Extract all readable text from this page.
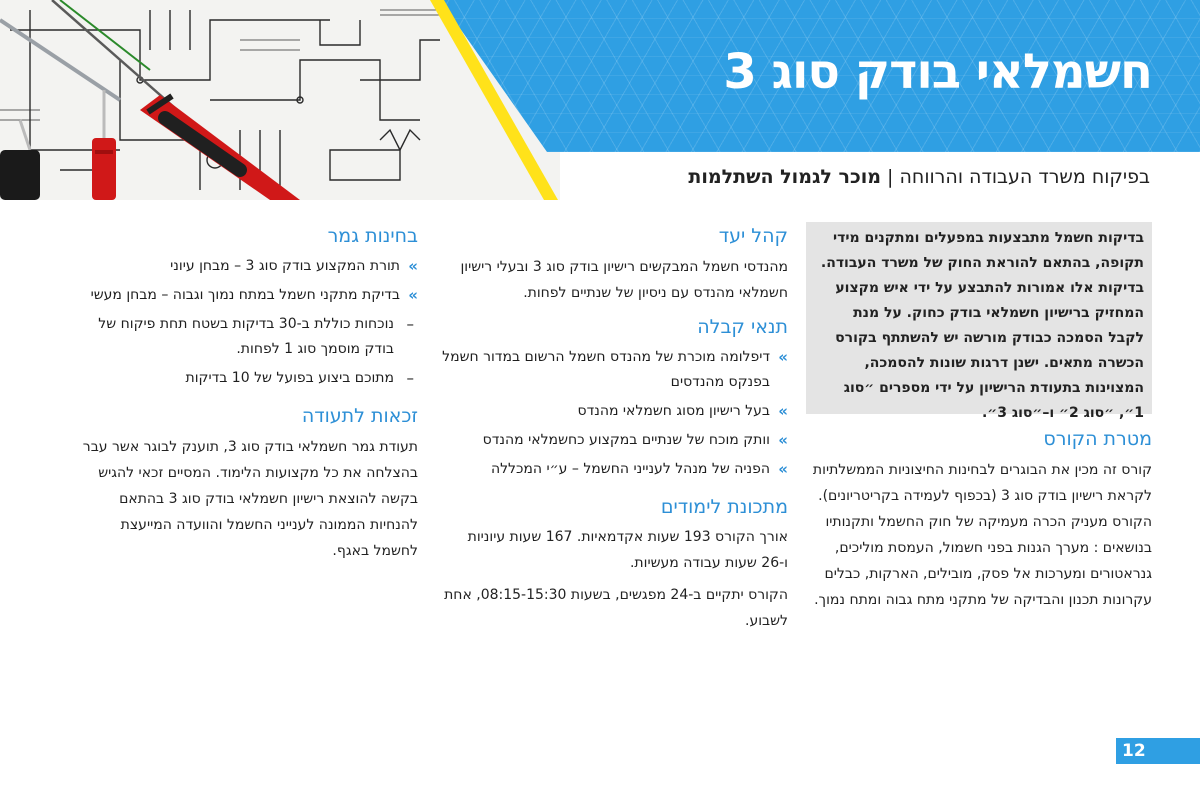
חשמלאי בודק סוג 3
בפיקוח משרד העבודה והרווחה | מוכר לגמול השתלמות

בדיקות חשמל מתבצעות במפעלים ומתקנים מידי תקופה, בהתאם להוראת החוק של משרד העבודה. בדיקות אלו אמורות להתבצע על ידי איש מקצוע המחזיק ברישיון חשמלאי בודק כחוק. על מנת לקבל הסמכה כבודק מורשה יש להשתתף בקורס הכשרה מתאים. ישנן דרגות שונות להסמכה, המצוינות בתעודת הרישיון על ידי מספרים ״סוג 1״, ״סוג 2״ ו–״סוג 3״.

מטרת הקורס

קורס זה מכין את הבוגרים לבחינות החיצוניות הממשלתיות לקראת רישיון בודק סוג 3 (בכפוף לעמידה בקריטריונים). הקורס מעניק הכרה מעמיקה של חוק החשמל ותקנותיו בנושאים : מערך הגנות בפני חשמול, העמסת מוליכים, גנראטורים ומערכות אל פסק, מובילים, הארקות, כבלים עקרונות תכנון והבדיקה של מתקני מתח גבוה ומתח נמוך.

קהל יעד

מהנדסי חשמל המבקשים רישיון בודק סוג 3 ובעלי רישיון חשמלאי מהנדס עם ניסיון של שנתיים לפחות.

תנאי קבלה
»
דיפלומה מוכרת של מהנדס חשמל הרשום במדור חשמל בפנקס מהנדסים
»
בעל רישיון מסוג חשמלאי מהנדס
»
וותק מוכח של שנתיים במקצוע כחשמלאי מהנדס
»
הפניה של מנהל לענייני החשמל – ע״י המכללה
מתכונת לימודים

אורך הקורס 193 שעות אקדמאיות. 167 שעות עיוניות ו-26 שעות עבודה מעשיות.

הקורס יתקיים ב-24 מפגשים, בשעות 08:15-15:30, אחת לשבוע.

בחינות גמר
»
תורת המקצוע בודק סוג 3 – מבחן עיוני
»
בדיקת מתקני חשמל במתח נמוך וגבוה – מבחן מעשי
–
נוכחות כוללת ב-30 בדיקות בשטח תחת פיקוח של בודק מוסמך סוג 1 לפחות.
–
מתוכם ביצוע בפועל של 10 בדיקות
זכאות לתעודה

תעודת גמר חשמלאי בודק סוג 3, תוענק לבוגר אשר עבר בהצלחה את כל מקצועות הלימוד. המסיים זכאי להגיש בקשה להוצאת רישיון חשמלאי בודק סוג 3 בהתאם להנחיות הממונה לענייני החשמל והוועדה המייעצת לחשמל באגף.

12
